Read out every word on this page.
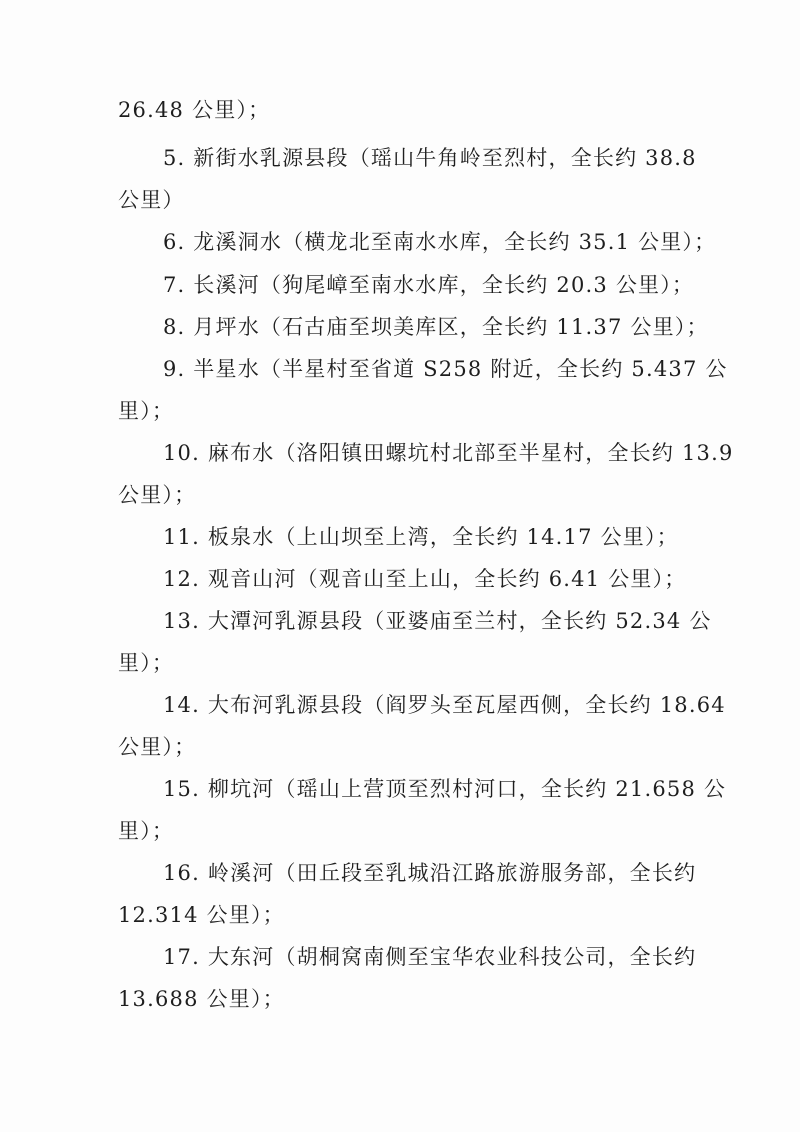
26.48 公里）；
5. 新街水乳源县段（瑶山牛角岭至烈村，全长约 38.8
公里）
6. 龙溪洞水（横龙北至南水水库，全长约 35.1 公里）；
7. 长溪河（狗尾嶂至南水水库，全长约 20.3 公里）；
8. 月坪水（石古庙至坝美库区，全长约 11.37 公里）；
9. 半星水（半星村至省道 S258 附近，全长约 5.437 公
里）；
10. 麻布水（洛阳镇田螺坑村北部至半星村，全长约 13.9
公里）；
11. 板泉水（上山坝至上湾，全长约 14.17 公里）；
12. 观音山河（观音山至上山，全长约 6.41 公里）；
13. 大潭河乳源县段（亚婆庙至兰村，全长约 52.34 公
里）；
14. 大布河乳源县段（阎罗头至瓦屋西侧，全长约 18.64
公里）；
15. 柳坑河（瑶山上营顶至烈村河口，全长约 21.658 公
里）；
16. 岭溪河（田丘段至乳城沿江路旅游服务部，全长约
12.314 公里）；
17. 大东河（胡桐窝南侧至宝华农业科技公司，全长约
13.688 公里）；
